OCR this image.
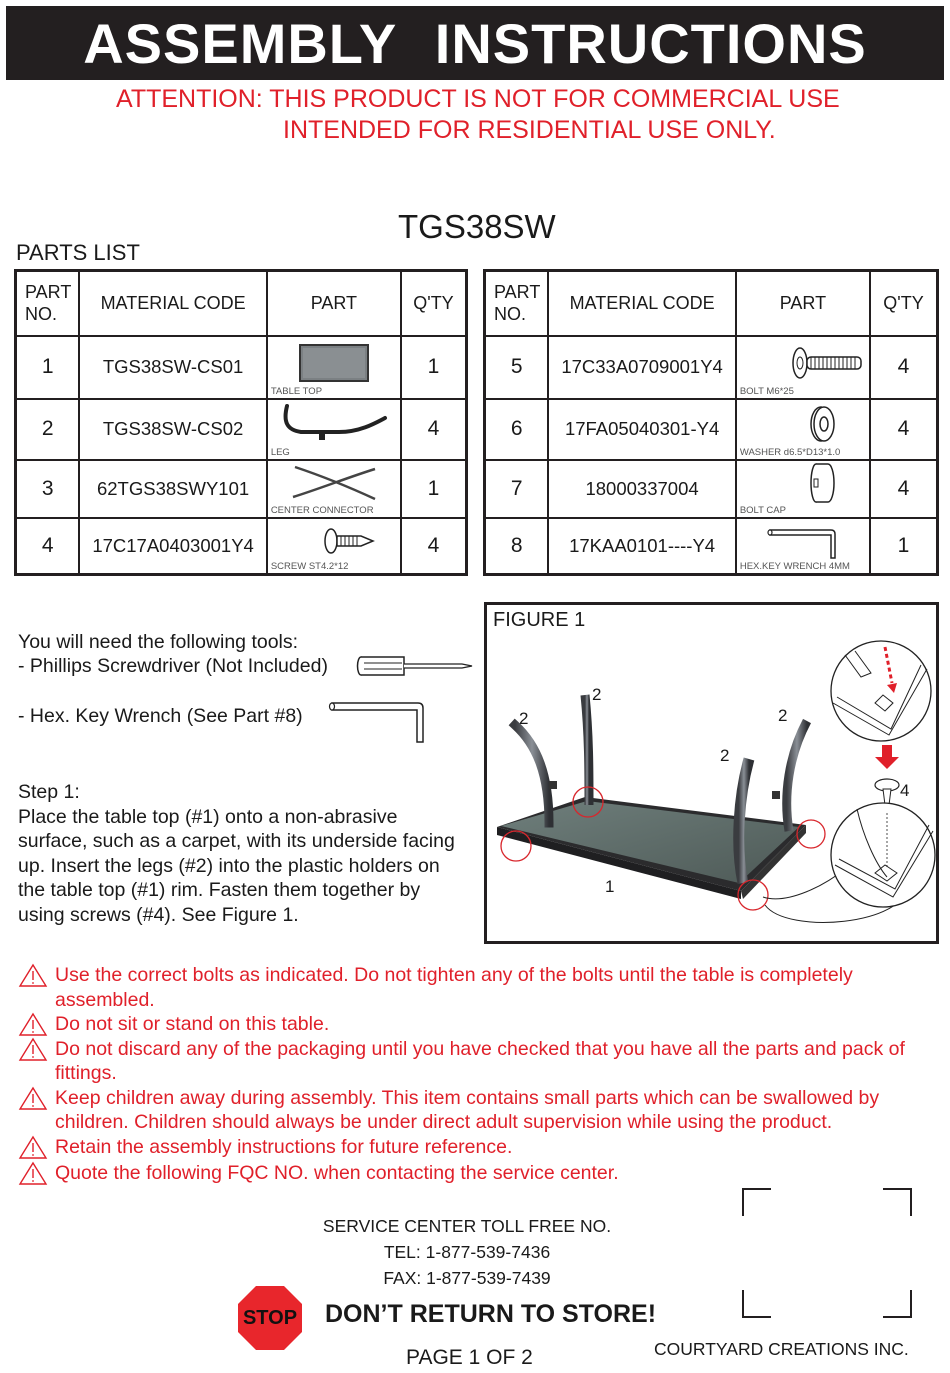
ASSEMBLY INSTRUCTIONS
ATTENTION: THIS PRODUCT IS NOT FOR COMMERCIAL USE
INTENDED FOR RESIDENTIAL USE ONLY.
TGS38SW
PARTS LIST
PART
NO.	MATERIAL CODE	PART	Q'TY
1	TGS38SW-CS01	TABLE TOP	1
2	TGS38SW-CS02	LEG	4
3	62TGS38SWY101	CENTER CONNECTOR	1
4	17C17A0403001Y4	SCREW ST4.2*12	4
PART
NO.	MATERIAL CODE	PART	Q'TY
5	17C33A0709001Y4	BOLT M6*25	4
6	17FA05040301-Y4	WASHER d6.5*D13*1.0	4
7	18000337004	BOLT CAP	4
8	17KAA0101----Y4	HEX.KEY WRENCH 4MM	1
You will need the following tools:
- Phillips Screwdriver (Not Included)
- Hex. Key Wrench (See Part #8)
Step 1:
Place the table top (#1) onto a non-abrasive surface, such as a carpet, with its underside facing up. Insert the legs (#2) into the plastic holders on the table top (#1) rim. Fasten them together by using screws (#4). See Figure 1.
FIGURE 1
2
2	2
2
1
4
Use the correct bolts as indicated. Do not tighten any of the bolts until the table is completely assembled.
Do not sit or stand on this table.
Do not discard any of the packaging until you have checked that you have all the parts and pack of fittings.
Keep children away during assembly. This item contains small parts which can be swallowed by children. Children should always be under direct adult supervision while using the product.
Retain the assembly instructions for future reference.
Quote the following FQC NO. when contacting the service center.
SERVICE CENTER TOLL FREE NO.
TEL: 1-877-539-7436
FAX: 1-877-539-7439
STOP DON’T RETURN TO STORE!
PAGE 1 OF 2	COURTYARD CREATIONS INC.
